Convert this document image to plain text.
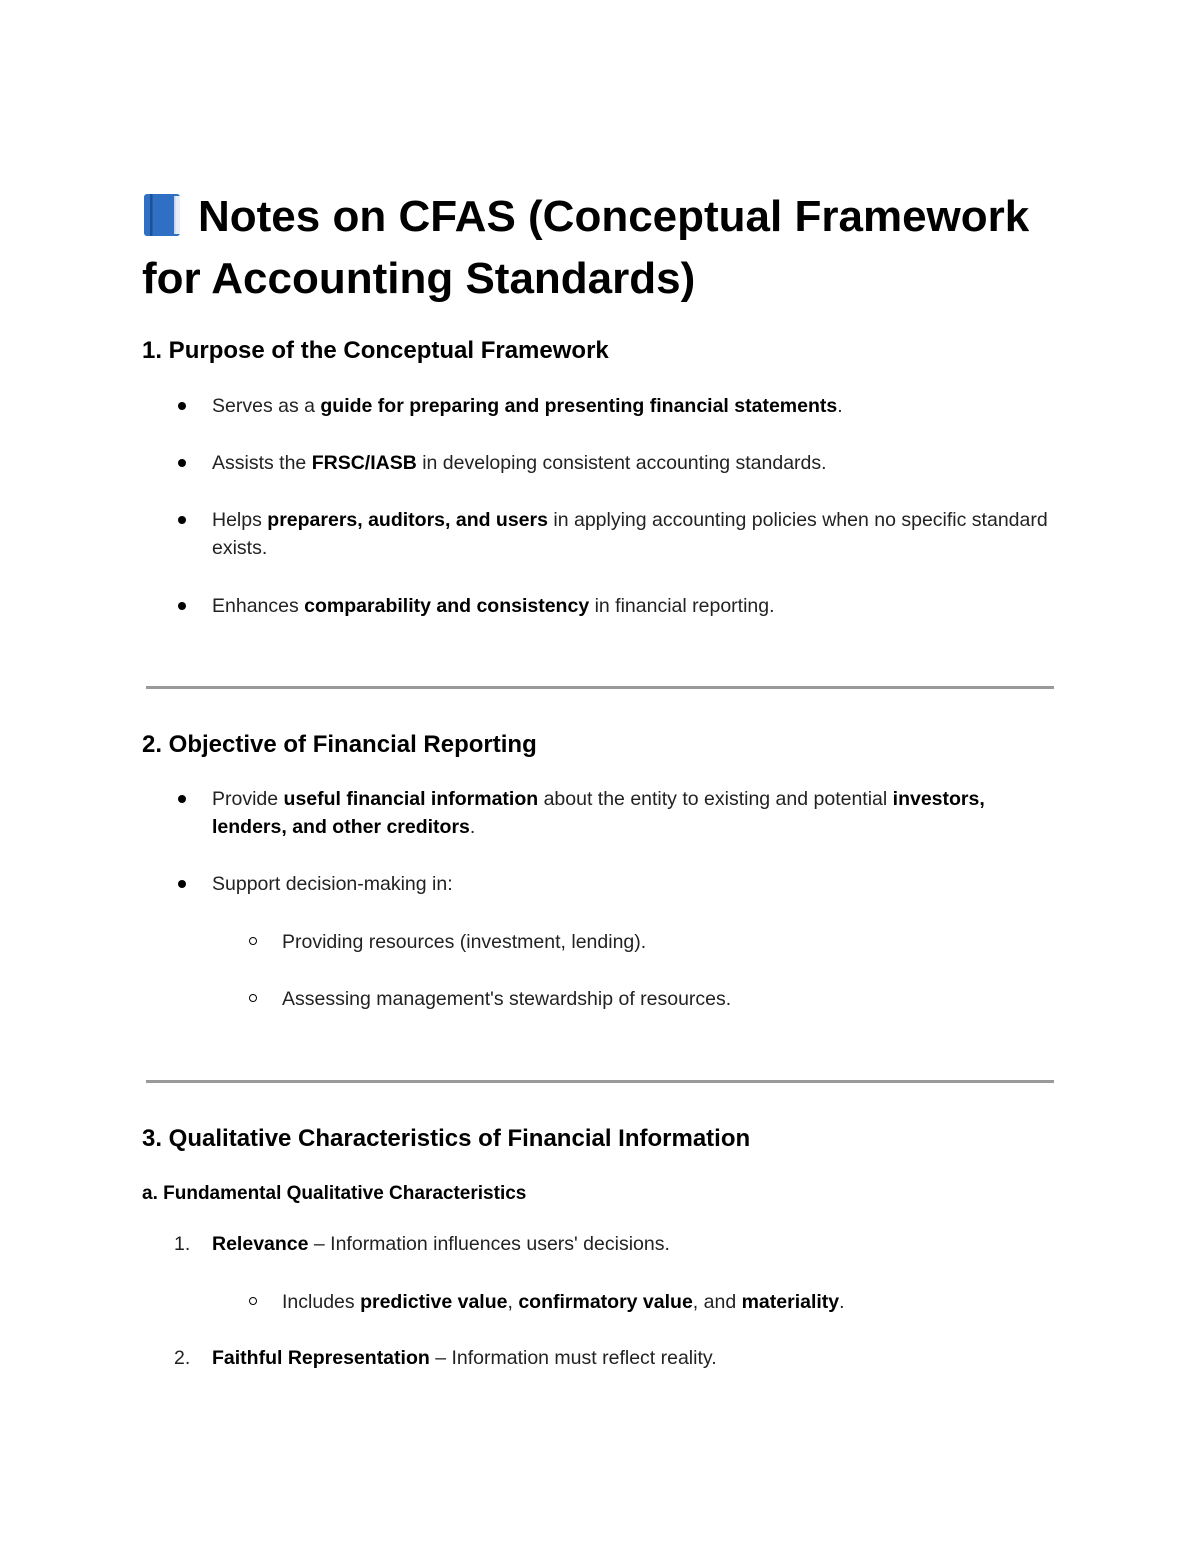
Notes on CFAS (Conceptual Framework for Accounting Standards)
1. Purpose of the Conceptual Framework
Serves as a guide for preparing and presenting financial statements.
Assists the FRSC/IASB in developing consistent accounting standards.
Helps preparers, auditors, and users in applying accounting policies when no specific standard exists.
Enhances comparability and consistency in financial reporting.
2. Objective of Financial Reporting
Provide useful financial information about the entity to existing and potential investors, lenders, and other creditors.
Support decision-making in:
Providing resources (investment, lending).
Assessing management's stewardship of resources.
3. Qualitative Characteristics of Financial Information
a. Fundamental Qualitative Characteristics
1. Relevance – Information influences users' decisions.
Includes predictive value, confirmatory value, and materiality.
2. Faithful Representation – Information must reflect reality.
